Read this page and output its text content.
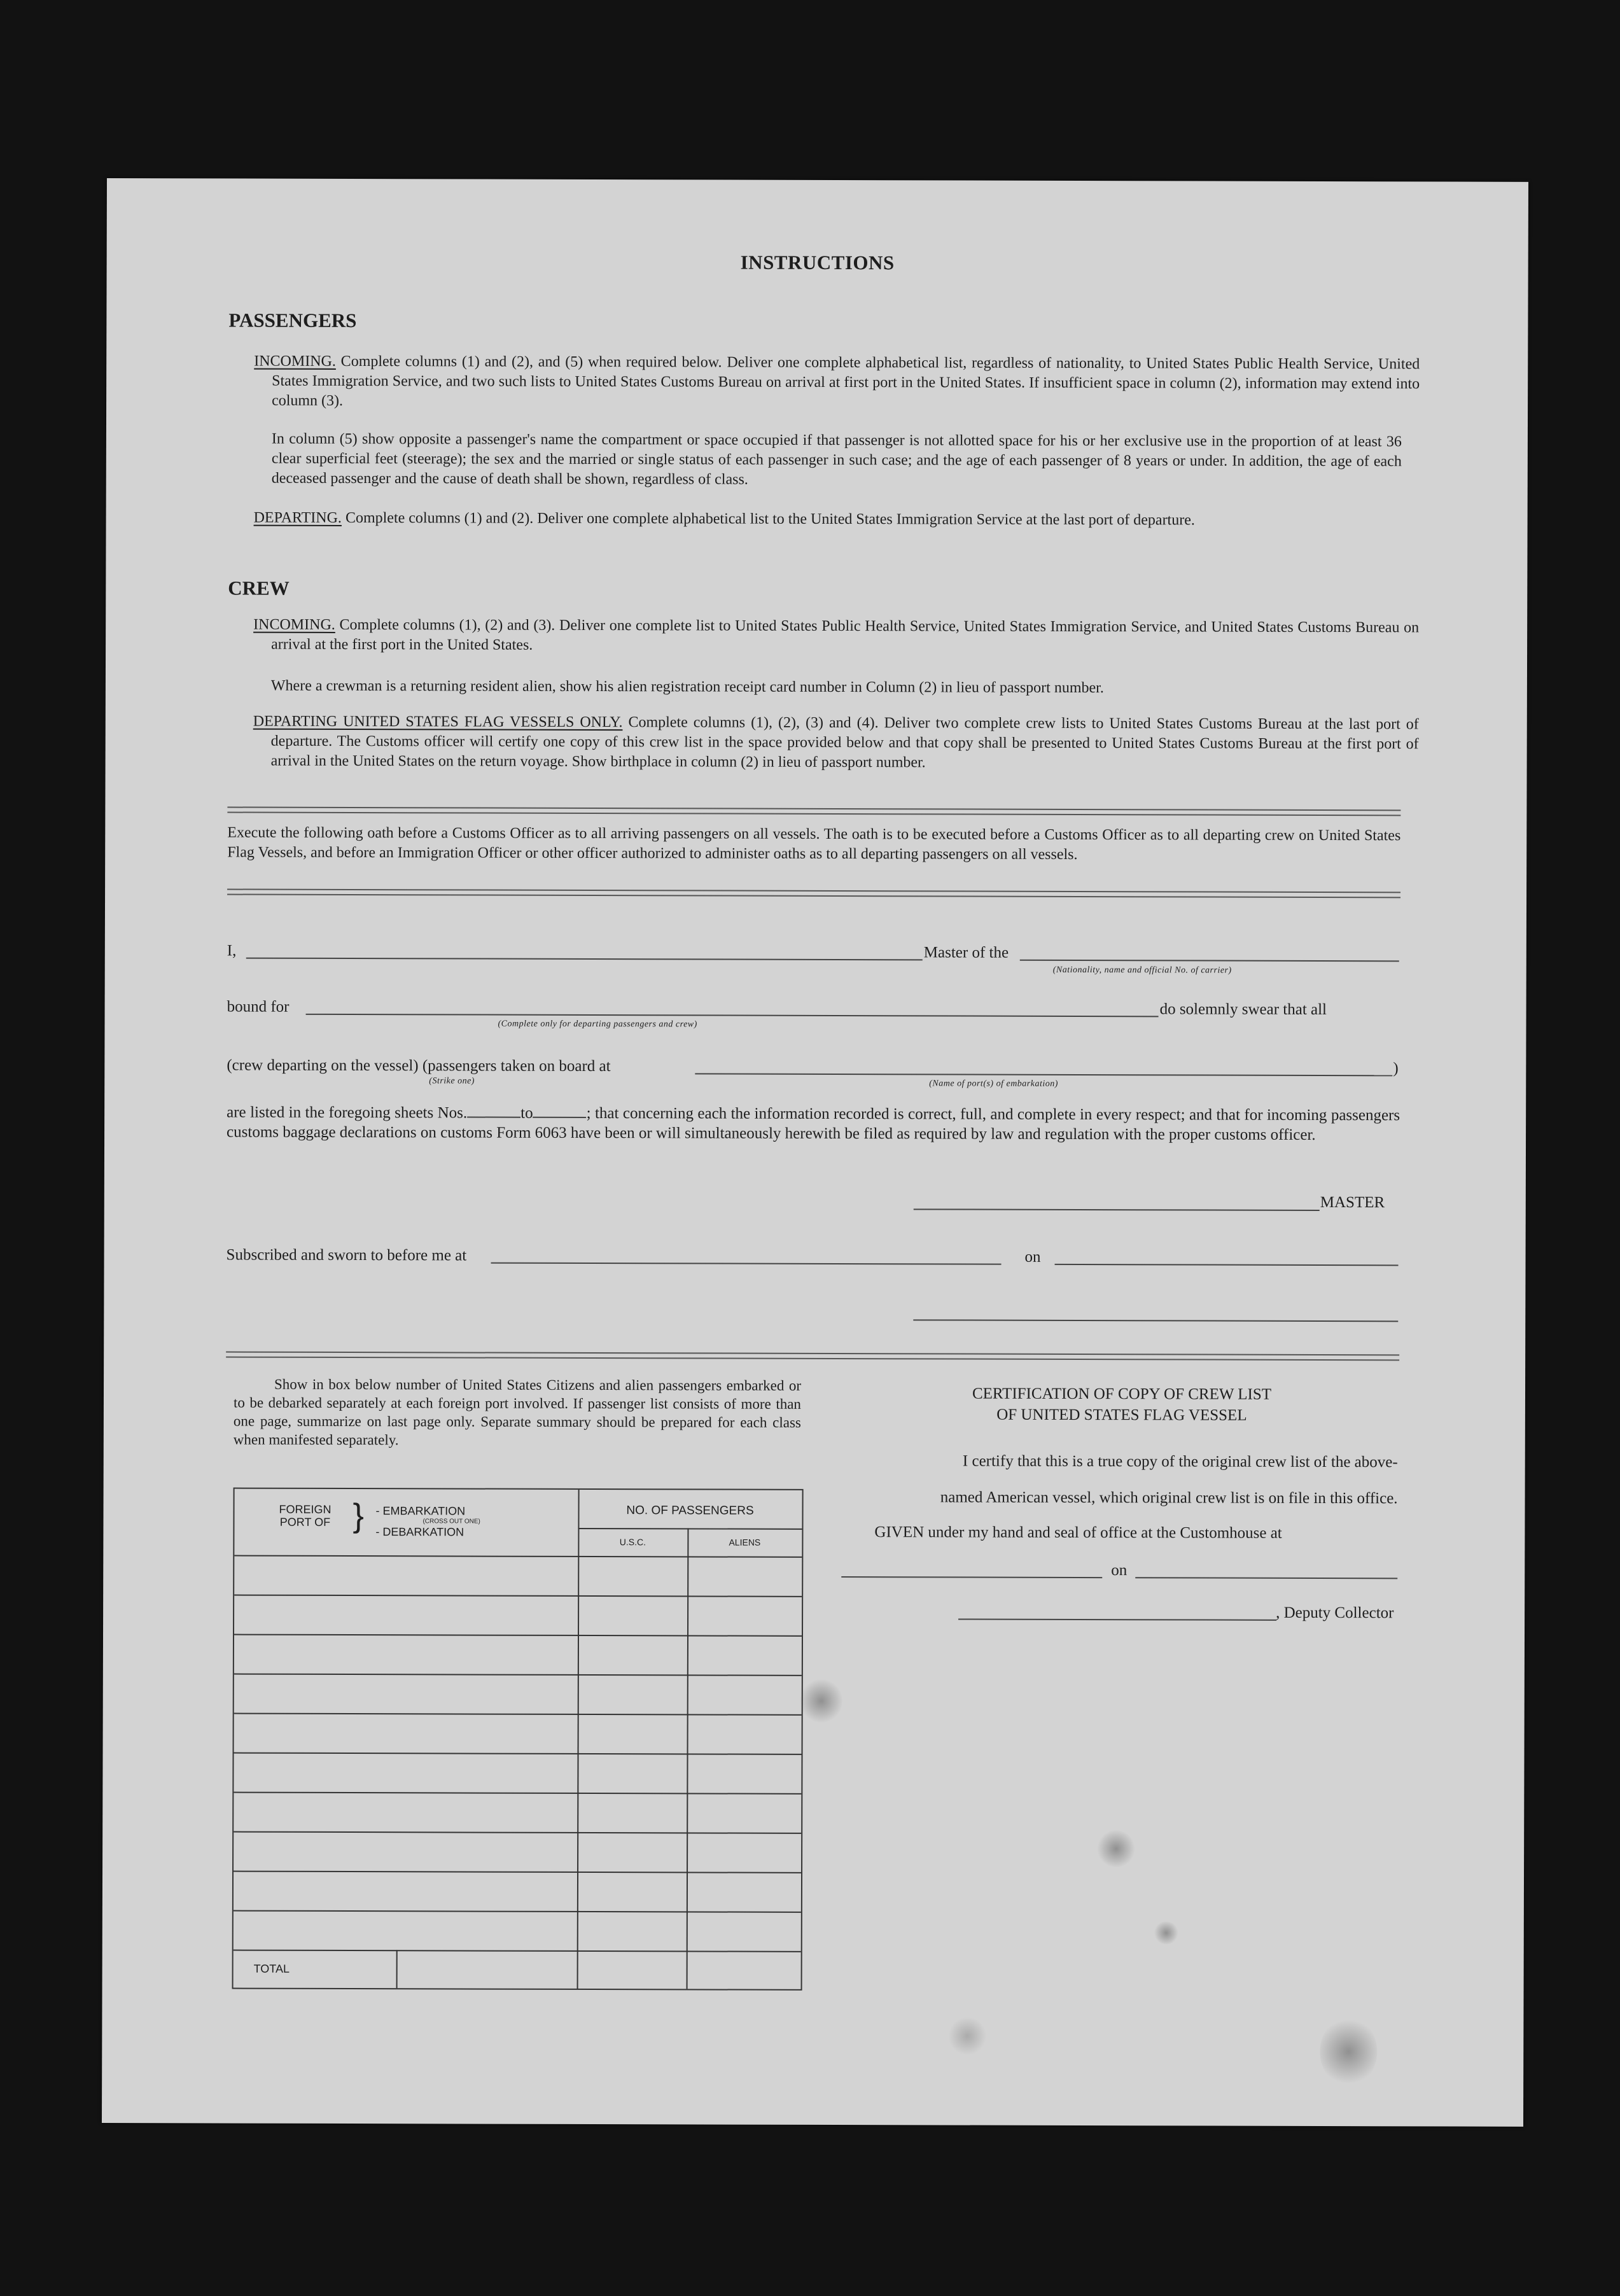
INSTRUCTIONS
PASSENGERS
INCOMING. Complete columns (1) and (2), and (5) when required below. Deliver one complete alphabetical list, regardless of nationality, to United States Public Health Service, United States Immigration Service, and two such lists to United States Customs Bureau on arrival at first port in the United States. If insufficient space in column (2), information may extend into column (3).
In column (5) show opposite a passenger's name the compartment or space occupied if that passenger is not allotted space for his or her exclusive use in the proportion of at least 36 clear superficial feet (steerage); the sex and the married or single status of each passenger in such case; and the age of each passenger of 8 years or under. In addition, the age of each deceased passenger and the cause of death shall be shown, regardless of class.
DEPARTING. Complete columns (1) and (2). Deliver one complete alphabetical list to the United States Immigration Service at the last port of departure.
CREW
INCOMING. Complete columns (1), (2) and (3). Deliver one complete list to United States Public Health Service, United States Immigration Service, and United States Customs Bureau on arrival at the first port in the United States.
Where a crewman is a returning resident alien, show his alien registration receipt card number in Column (2) in lieu of passport number.
DEPARTING UNITED STATES FLAG VESSELS ONLY. Complete columns (1), (2), (3) and (4). Deliver two complete crew lists to United States Customs Bureau at the last port of departure. The Customs officer will certify one copy of this crew list in the space provided below and that copy shall be presented to United States Customs Bureau at the first port of arrival in the United States on the return voyage. Show birthplace in column (2) in lieu of passport number.
Execute the following oath before a Customs Officer as to all arriving passengers on all vessels. The oath is to be executed before a Customs Officer as to all departing crew on United States Flag Vessels, and before an Immigration Officer or other officer authorized to administer oaths as to all departing passengers on all vessels.
I,	Master of the
(Nationality, name and official No. of carrier)
bound for
(Complete only for departing passengers and crew)
do solemnly swear that all
(crew departing on the vessel) (passengers taken on board at
(Strike one)	(Name of port(s) of embarkation)
)
are listed in the foregoing sheets Nos.	to	; that concerning each the information recorded is correct, full, and complete in every respect; and that for incoming passengers customs baggage declarations on customs Form 6063 have been or will simultaneously herewith be filed as required by law and regulation with the proper customs officer.
MASTER
Subscribed and sworn to before me at	on
Show in box below number of United States Citizens and alien passengers embarked or to be debarked separately at each foreign port involved. If passenger list consists of more than one page, summarize on last page only. Separate summary should be prepared for each class when manifested separately.
FOREIGN PORT OF } - EMBARKATION
(CROSS OUT ONE)
- DEBARKATION
NO. OF PASSENGERS
U.S.C.	ALIENS
TOTAL
CERTIFICATION OF COPY OF CREW LIST
OF UNITED STATES FLAG VESSEL
I certify that this is a true copy of the original crew list of the above-
named American vessel, which original crew list is on file in this office.
GIVEN under my hand and seal of office at the Customhouse at
on
, Deputy Collector
